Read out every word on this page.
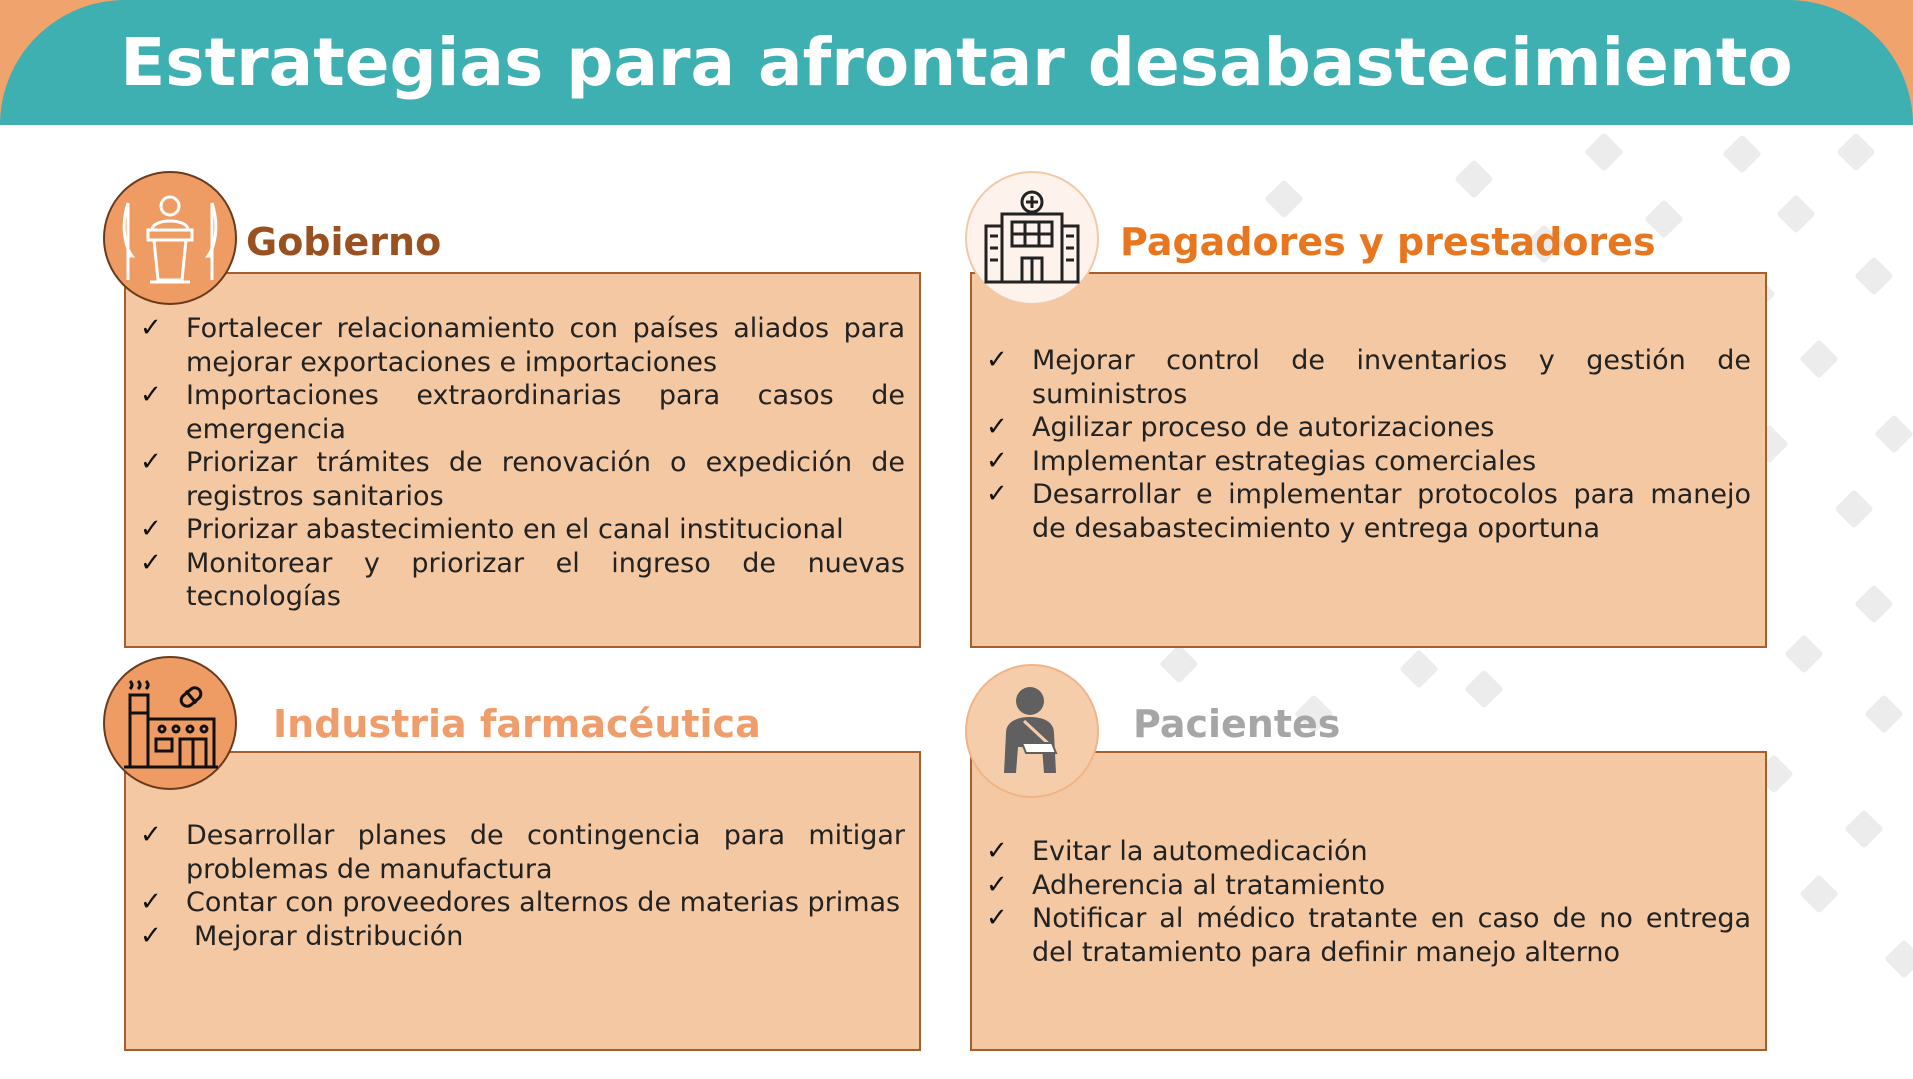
Estrategias para afrontar desabastecimiento
✓ Fortalecer relacionamiento con países aliados para mejorar exportaciones e importaciones
✓ Importaciones extraordinarias para casos de emergencia
✓ Priorizar trámites de renovación o expedición de registros sanitarios
✓ Priorizar abastecimiento en el canal institucional
✓ Monitorear y priorizar el ingreso de nuevas tecnologías
Gobierno
✓ Mejorar control de inventarios y gestión de suministros
✓ Agilizar proceso de autorizaciones
✓ Implementar estrategias comerciales
✓ Desarrollar e implementar protocolos para manejo de desabastecimiento y entrega oportuna
Pagadores y prestadores
✓ Desarrollar planes de contingencia para mitigar problemas de manufactura
✓ Contar con proveedores alternos de materias primas
✓	Mejorar distribución
Industria farmacéutica
✓ Evitar la automedicación
✓ Adherencia al tratamiento
✓ Notificar al médico tratante en caso de no entrega del tratamiento para definir manejo alterno
Pacientes
